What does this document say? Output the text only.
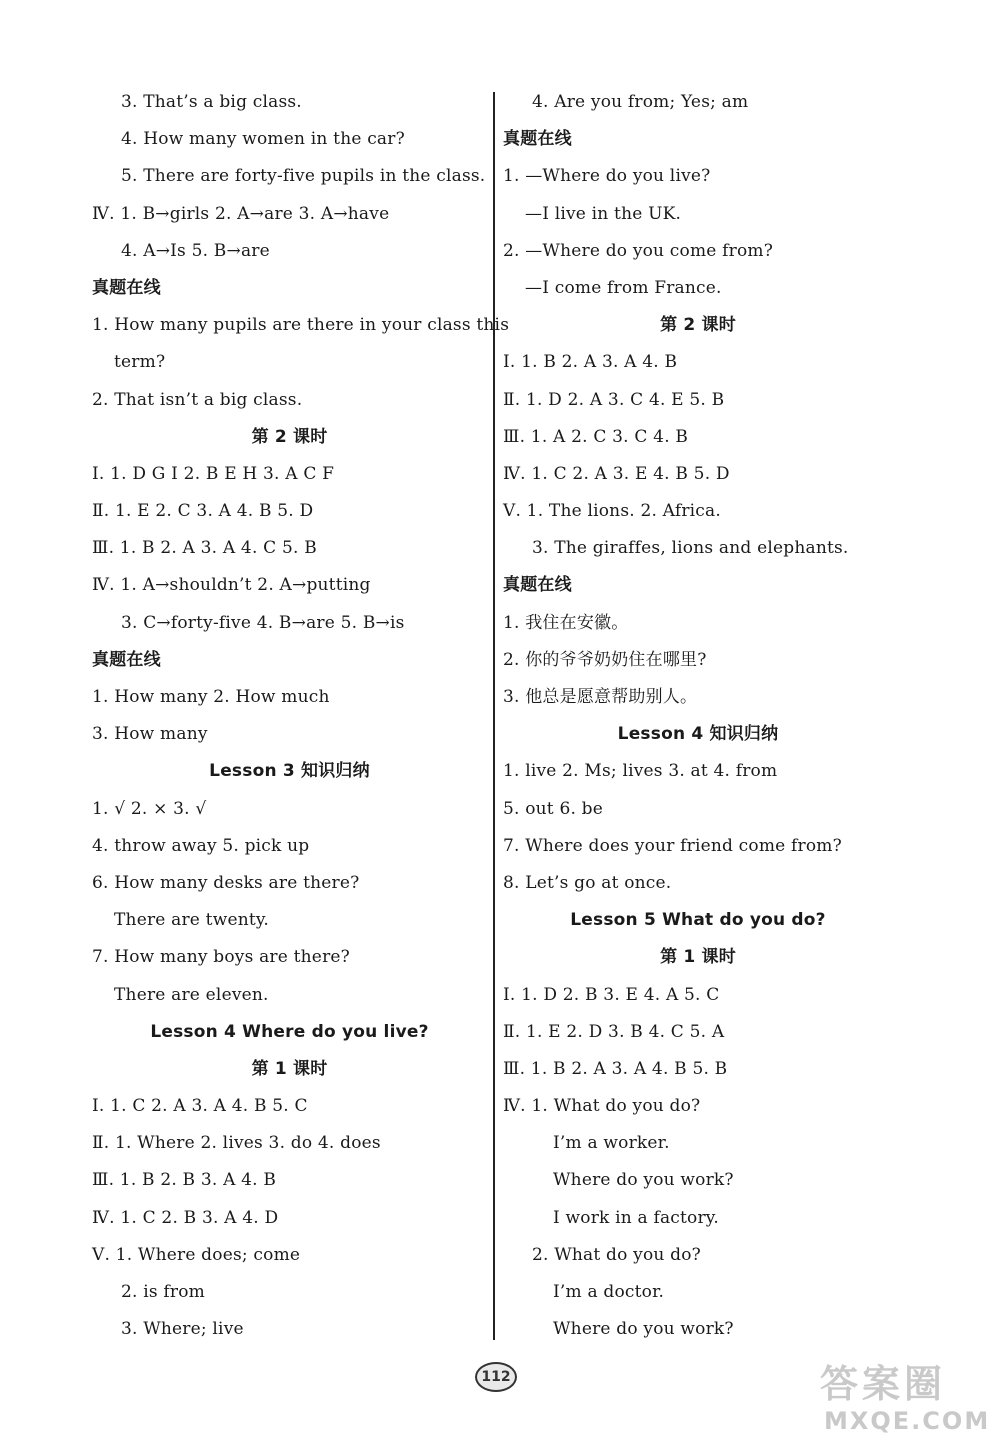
3. That’s a big class.
4. How many women in the car?
5. There are forty-five pupils in the class.
Ⅳ. 1. B→girls 2. A→are 3. A→have
4. A→Is 5. B→are
真题在线
1. How many pupils are there in your class this
term?
2. That isn’t a big class.
第 2 课时
Ⅰ. 1. D G I 2. B E H 3. A C F
Ⅱ. 1. E 2. C 3. A 4. B 5. D
Ⅲ. 1. B 2. A 3. A 4. C 5. B
Ⅳ. 1. A→shouldn’t 2. A→putting
3. C→forty-five 4. B→are 5. B→is
真题在线
1. How many 2. How much
3. How many
Lesson 3 知识归纳
1. √ 2. × 3. √
4. throw away 5. pick up
6. How many desks are there?
There are twenty.
7. How many boys are there?
There are eleven.
Lesson 4 Where do you live?
第 1 课时
Ⅰ. 1. C 2. A 3. A 4. B 5. C
Ⅱ. 1. Where 2. lives 3. do 4. does
Ⅲ. 1. B 2. B 3. A 4. B
Ⅳ. 1. C 2. B 3. A 4. D
Ⅴ. 1. Where does; come
2. is from
3. Where; live
4. Are you from; Yes; am
真题在线
1. —Where do you live?
—I live in the UK.
2. —Where do you come from?
—I come from France.
第 2 课时
Ⅰ. 1. B 2. A 3. A 4. B
Ⅱ. 1. D 2. A 3. C 4. E 5. B
Ⅲ. 1. A 2. C 3. C 4. B
Ⅳ. 1. C 2. A 3. E 4. B 5. D
Ⅴ. 1. The lions. 2. Africa.
3. The giraffes, lions and elephants.
真题在线
1. 我住在安徽。
2. 你的爷爷奶奶住在哪里?
3. 他总是愿意帮助别人。
Lesson 4 知识归纳
1. live 2. Ms; lives 3. at 4. from
5. out 6. be
7. Where does your friend come from?
8. Let’s go at once.
Lesson 5 What do you do?
第 1 课时
Ⅰ. 1. D 2. B 3. E 4. A 5. C
Ⅱ. 1. E 2. D 3. B 4. C 5. A
Ⅲ. 1. B 2. A 3. A 4. B 5. B
Ⅳ. 1. What do you do?
I’m a worker.
Where do you work?
I work in a factory.
2. What do you do?
I’m a doctor.
Where do you work?
112	答案圈
MXQE.COM
